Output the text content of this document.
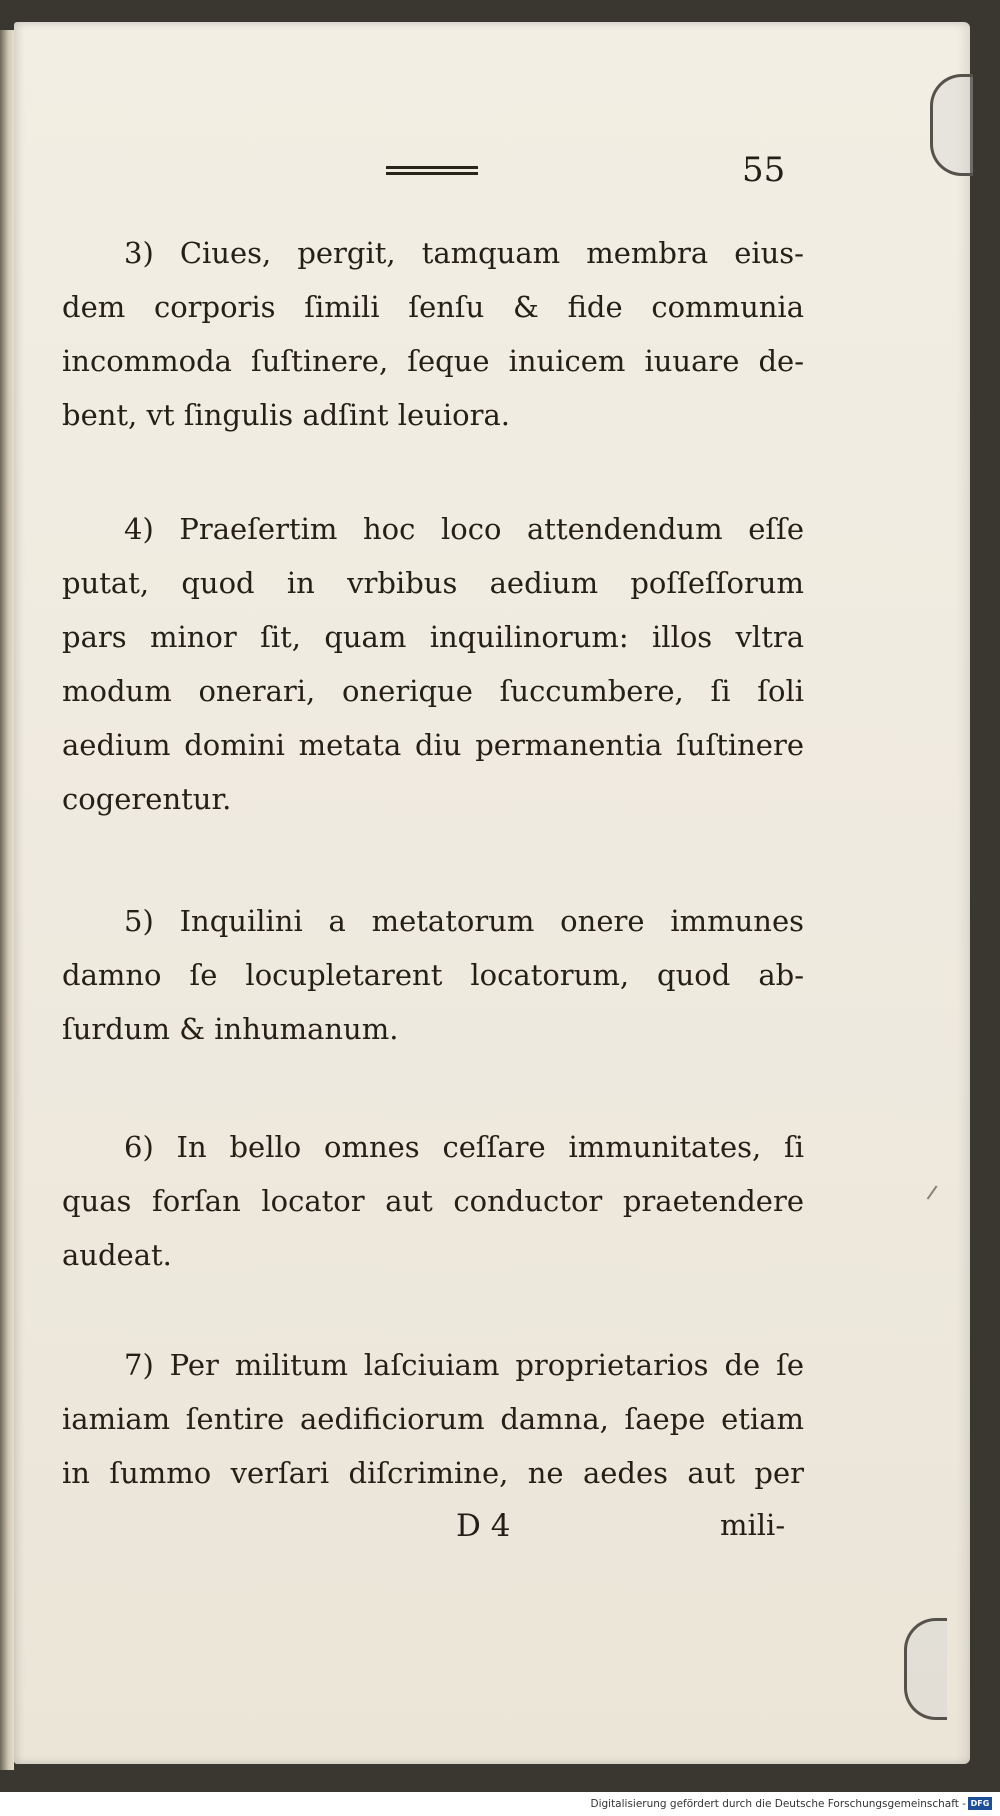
55
3) Ciues, pergit, tamquam membra eius-
dem corporis ſimili ſenſu & fide communia
incommoda ſuſtinere, ſeque inuicem iuuare de-
bent, vt ſingulis adſint leuiora.
4) Praeſertim hoc loco attendendum eſſe
putat, quod in vrbibus aedium poſſeſſorum
pars minor ſit, quam inquilinorum: illos vltra
modum onerari, onerique ſuccumbere, ſi ſoli
aedium domini metata diu permanentia ſuſtinere
cogerentur.
5) Inquilini a metatorum onere immunes
damno ſe locupletarent locatorum, quod ab-
ſurdum & inhumanum.
6) In bello omnes ceſſare immunitates, ſi
quas forſan locator aut conductor praetendere
audeat.
7) Per militum laſciuiam proprietarios de ſe
iamiam ſentire aedificiorum damna, ſaepe etiam
in ſummo verſari diſcrimine, ne aedes aut per
D 4	mili-
Digitalisierung gefördert durch die Deutsche Forschungsgemeinschaft - DFG
